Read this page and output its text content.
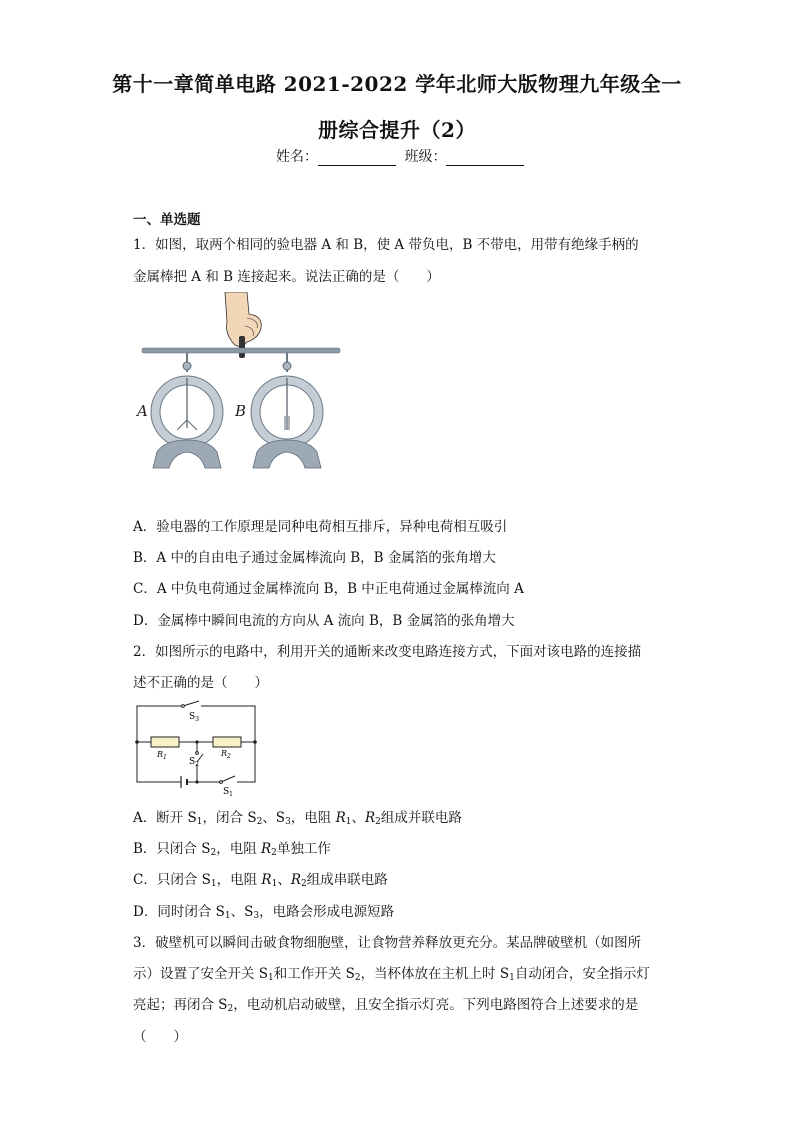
第十一章简单电路 2021-2022 学年北师大版物理九年级全一
册综合提升（2）
姓名：	班级：
一、单选题
1．如图，取两个相同的验电器 A 和 B，使 A 带负电，B 不带电，用带有绝缘手柄的
金属棒把 A 和 B 连接起来。说法正确的是（　　）
A	B
A．验电器的工作原理是同种电荷相互排斥，异种电荷相互吸引
B．A 中的自由电子通过金属棒流向 B，B 金属箔的张角增大
C．A 中负电荷通过金属棒流向 B，B 中正电荷通过金属棒流向 A
D．金属棒中瞬间电流的方向从 A 流向 B，B 金属箔的张角增大
2．如图所示的电路中，利用开关的通断来改变电路连接方式，下面对该电路的连接描
述不正确的是（　　）
$S_3$
$R_1$	$R_2$
$S_2$
$S_1$
A．断开 $S_1$，闭合 $S_2$、$S_3$，电阻 $R_1$、$R_2$组成并联电路
B．只闭合 $S_2$，电阻 $R_2$单独工作
C．只闭合 $S_1$，电阻 $R_1$、$R_2$组成串联电路
D．同时闭合 $S_1$、$S_3$，电路会形成电源短路
3．破壁机可以瞬间击破食物细胞壁，让食物营养释放更充分。某品牌破壁机（如图所
示）设置了安全开关 $S_1$和工作开关 $S_2$，当杯体放在主机上时 $S_1$自动闭合，安全指示灯
亮起；再闭合 $S_2$，电动机启动破壁，且安全指示灯亮。下列电路图符合上述要求的是
（　　）
